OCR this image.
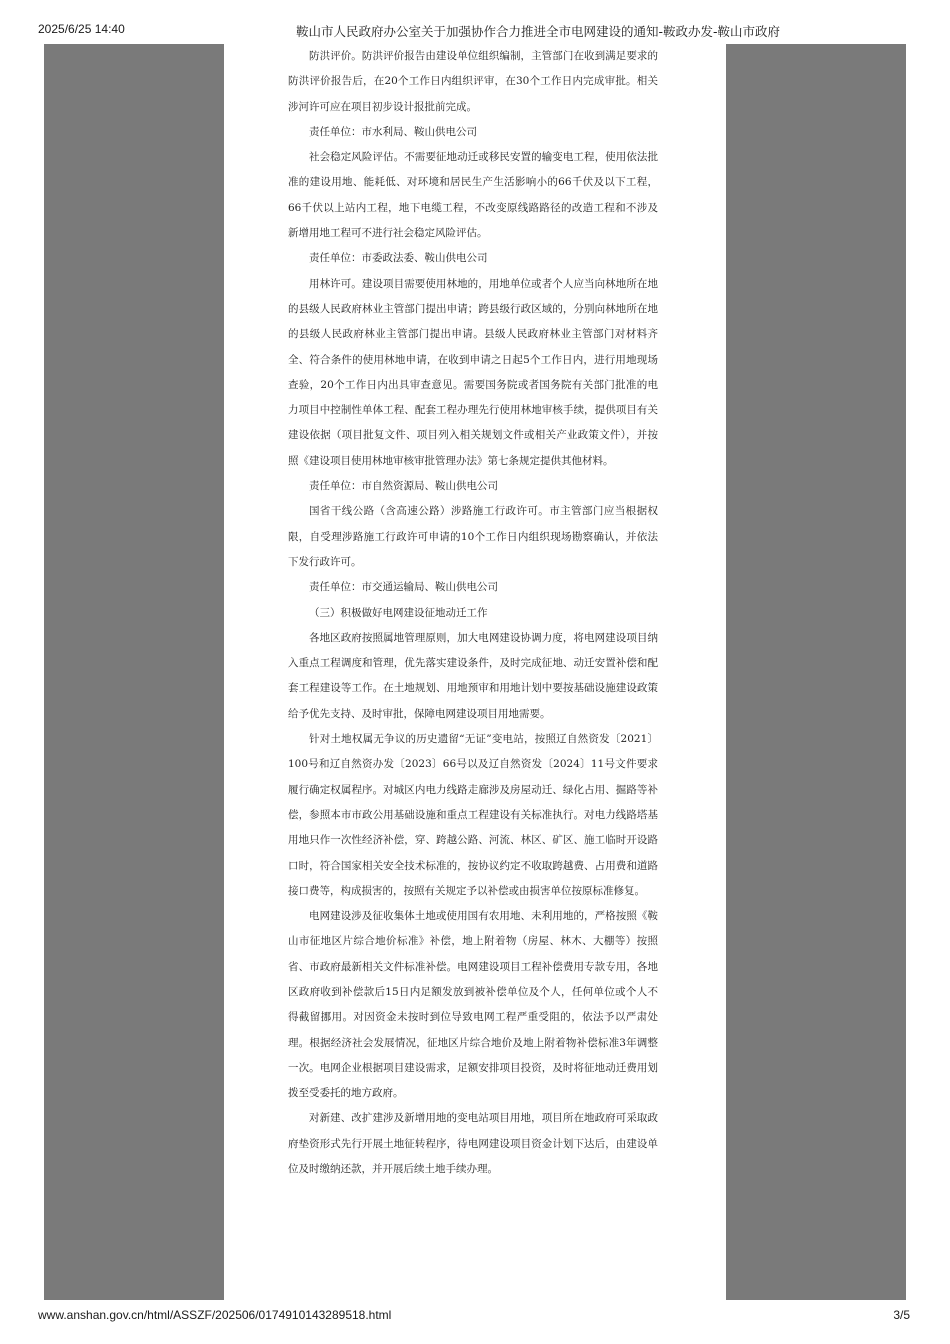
2025/6/25 14:40	鞍山市人民政府办公室关于加强协作合力推进全市电网建设的通知-鞍政办发-鞍山市政府

防洪评价。防洪评价报告由建设单位组织编制，主管部门在收到满足要求的防洪评价报告后，在20个工作日内组织评审，在30个工作日内完成审批。相关涉河许可应在项目初步设计报批前完成。

责任单位：市水利局、鞍山供电公司

社会稳定风险评估。不需要征地动迁或移民安置的输变电工程，使用依法批准的建设用地、能耗低、对环境和居民生产生活影响小的66千伏及以下工程，66千伏以上站内工程，地下电缆工程，不改变原线路路径的改造工程和不涉及新增用地工程可不进行社会稳定风险评估。

责任单位：市委政法委、鞍山供电公司

用林许可。建设项目需要使用林地的，用地单位或者个人应当向林地所在地的县级人民政府林业主管部门提出申请；跨县级行政区域的，分别向林地所在地的县级人民政府林业主管部门提出申请。县级人民政府林业主管部门对材料齐全、符合条件的使用林地申请，在收到申请之日起5个工作日内，进行用地现场查验，20个工作日内出具审查意见。需要国务院或者国务院有关部门批准的电力项目中控制性单体工程、配套工程办理先行使用林地审核手续，提供项目有关建设依据（项目批复文件、项目列入相关规划文件或相关产业政策文件），并按照《建设项目使用林地审核审批管理办法》第七条规定提供其他材料。

责任单位：市自然资源局、鞍山供电公司

国省干线公路（含高速公路）涉路施工行政许可。市主管部门应当根据权限，自受理涉路施工行政许可申请的10个工作日内组织现场勘察确认，并依法下发行政许可。

责任单位：市交通运输局、鞍山供电公司

（三）积极做好电网建设征地动迁工作

各地区政府按照属地管理原则，加大电网建设协调力度，将电网建设项目纳入重点工程调度和管理，优先落实建设条件，及时完成征地、动迁安置补偿和配套工程建设等工作。在土地规划、用地预审和用地计划中要按基础设施建设政策给予优先支持、及时审批，保障电网建设项目用地需要。

针对土地权属无争议的历史遗留“无证”变电站，按照辽自然资发〔2021〕100号和辽自然资办发〔2023〕66号以及辽自然资发〔2024〕11号文件要求履行确定权属程序。对城区内电力线路走廊涉及房屋动迁、绿化占用、掘路等补偿，参照本市市政公用基础设施和重点工程建设有关标准执行。对电力线路塔基用地只作一次性经济补偿，穿、跨越公路、河流、林区、矿区、施工临时开设路口时，符合国家相关安全技术标准的，按协议约定不收取跨越费、占用费和道路接口费等，构成损害的，按照有关规定予以补偿或由损害单位按原标准修复。

电网建设涉及征收集体土地或使用国有农用地、未利用地的，严格按照《鞍山市征地区片综合地价标准》补偿，地上附着物（房屋、林木、大棚等）按照省、市政府最新相关文件标准补偿。电网建设项目工程补偿费用专款专用，各地区政府收到补偿款后15日内足额发放到被补偿单位及个人，任何单位或个人不得截留挪用。对因资金未按时到位导致电网工程严重受阻的，依法予以严肃处理。根据经济社会发展情况，征地区片综合地价及地上附着物补偿标准3年调整一次。电网企业根据项目建设需求，足额安排项目投资，及时将征地动迁费用划拨至受委托的地方政府。

对新建、改扩建涉及新增用地的变电站项目用地，项目所在地政府可采取政府垫资形式先行开展土地征转程序，待电网建设项目资金计划下达后，由建设单位及时缴纳还款，并开展后续土地手续办理。

www.anshan.gov.cn/html/ASSZF/202506/0174910143289518.html	3/5
